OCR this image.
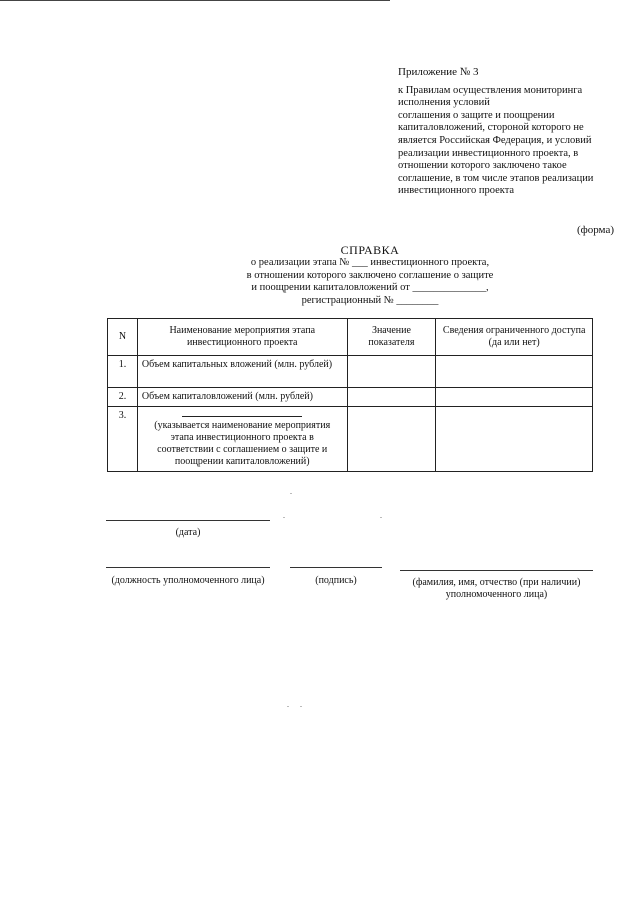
Приложение № 3
к Правилам осуществления мониторинга
исполнения условий
соглашения о защите и поощрении
капиталовложений, стороной которого не
является Российская Федерация, и условий
реализации инвестиционного проекта, в
отношении которого заключено такое
соглашение, в том числе этапов реализации
инвестиционного проекта
(форма)
СПРАВКА
о реализации этапа № ___ инвестиционного проекта,
в отношении которого заключено соглашение о защите
и поощрении капиталовложений от ______________,
регистрационный № ________
N	Наименование мероприятия этапа инвестиционного проекта	Значение показателя	Сведения ограниченного доступа (да или нет)
1.	Объем капитальных вложений (млн. рублей)		
2.	Объем капиталовложений (млн. рублей)		
3.	(указывается наименование мероприятия этапа инвестиционного проекта в соответствии с соглашением о защите и поощрении капиталовложений)		

(дата)
(должность уполномоченного лица)	(подпись)	(фамилия, имя, отчество (при наличии) уполномоченного лица)
